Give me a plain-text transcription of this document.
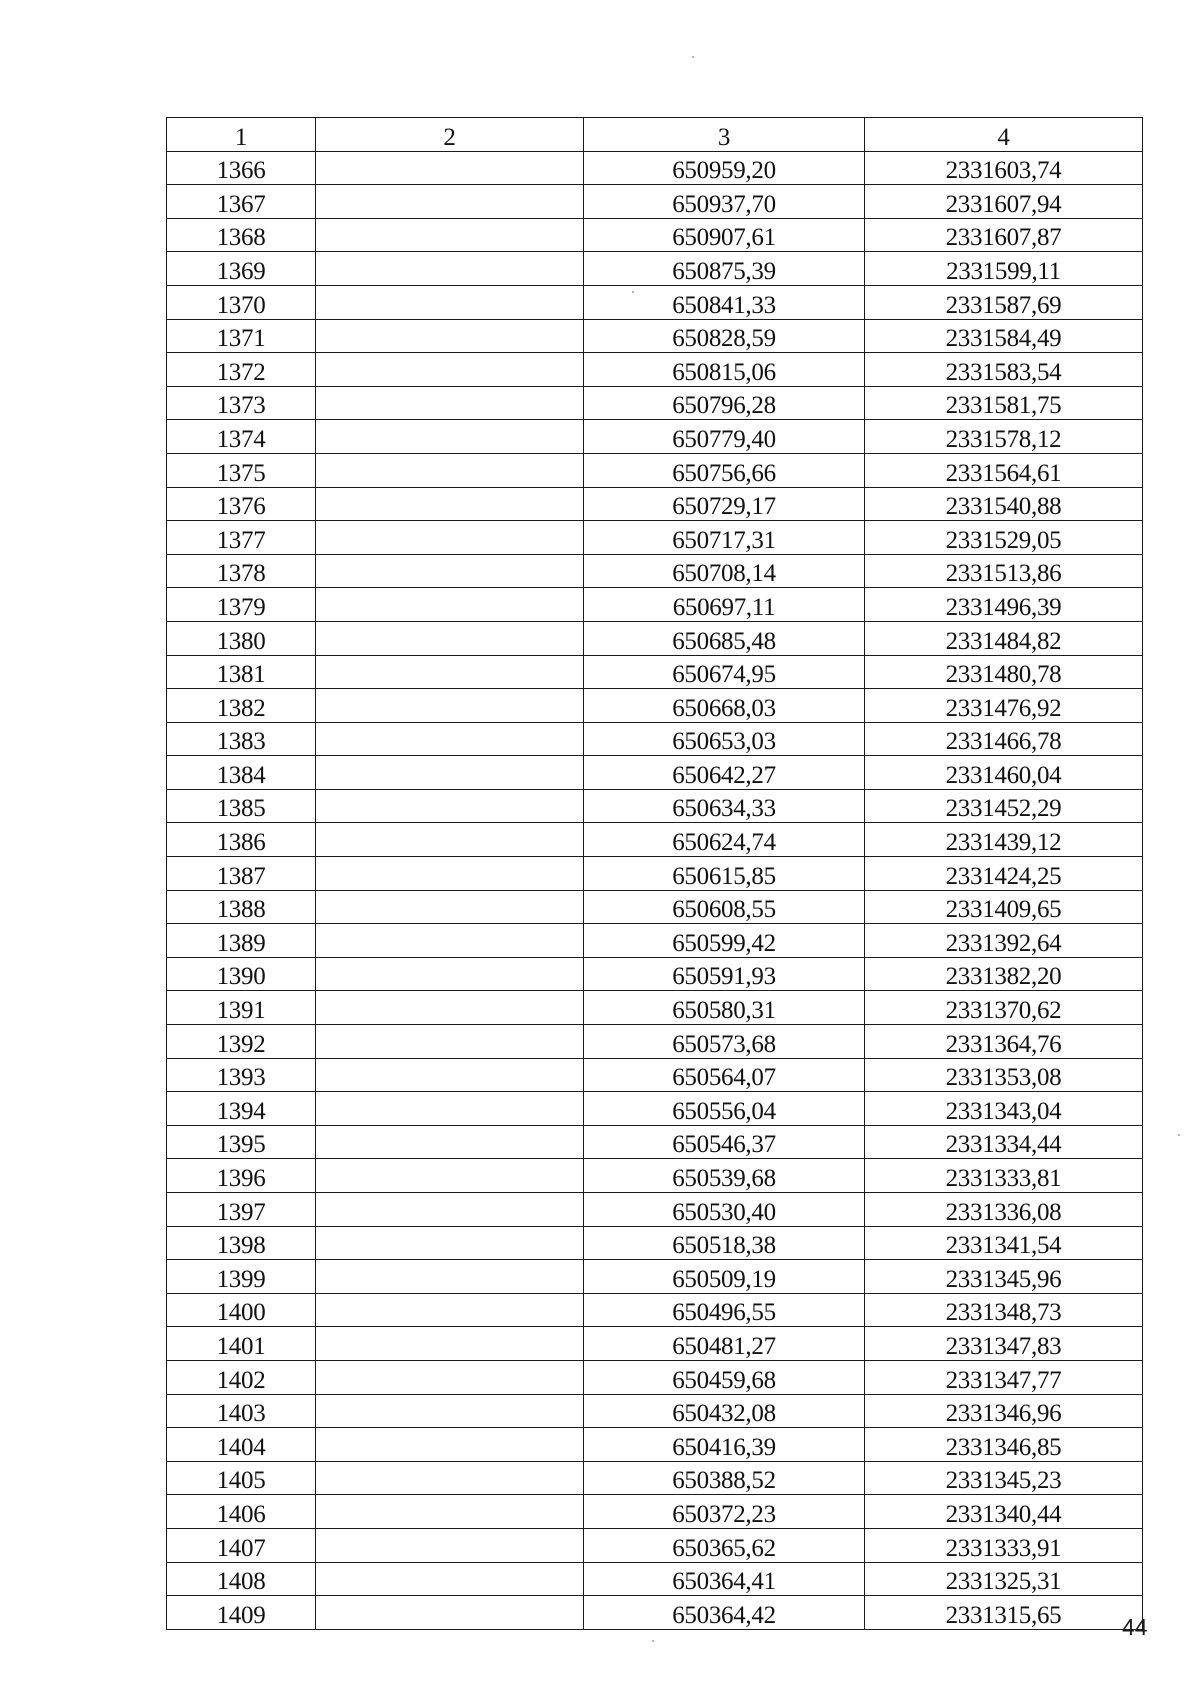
1	2	3	4
1366		650959,20	2331603,74
1367		650937,70	2331607,94
1368		650907,61	2331607,87
1369		650875,39	2331599,11
1370		650841,33	2331587,69
1371		650828,59	2331584,49
1372		650815,06	2331583,54
1373		650796,28	2331581,75
1374		650779,40	2331578,12
1375		650756,66	2331564,61
1376		650729,17	2331540,88
1377		650717,31	2331529,05
1378		650708,14	2331513,86
1379		650697,11	2331496,39
1380		650685,48	2331484,82
1381		650674,95	2331480,78
1382		650668,03	2331476,92
1383		650653,03	2331466,78
1384		650642,27	2331460,04
1385		650634,33	2331452,29
1386		650624,74	2331439,12
1387		650615,85	2331424,25
1388		650608,55	2331409,65
1389		650599,42	2331392,64
1390		650591,93	2331382,20
1391		650580,31	2331370,62
1392		650573,68	2331364,76
1393		650564,07	2331353,08
1394		650556,04	2331343,04
1395		650546,37	2331334,44
1396		650539,68	2331333,81
1397		650530,40	2331336,08
1398		650518,38	2331341,54
1399		650509,19	2331345,96
1400		650496,55	2331348,73
1401		650481,27	2331347,83
1402		650459,68	2331347,77
1403		650432,08	2331346,96
1404		650416,39	2331346,85
1405		650388,52	2331345,23
1406		650372,23	2331340,44
1407		650365,62	2331333,91
1408		650364,41	2331325,31
1409		650364,42	2331315,65	44
